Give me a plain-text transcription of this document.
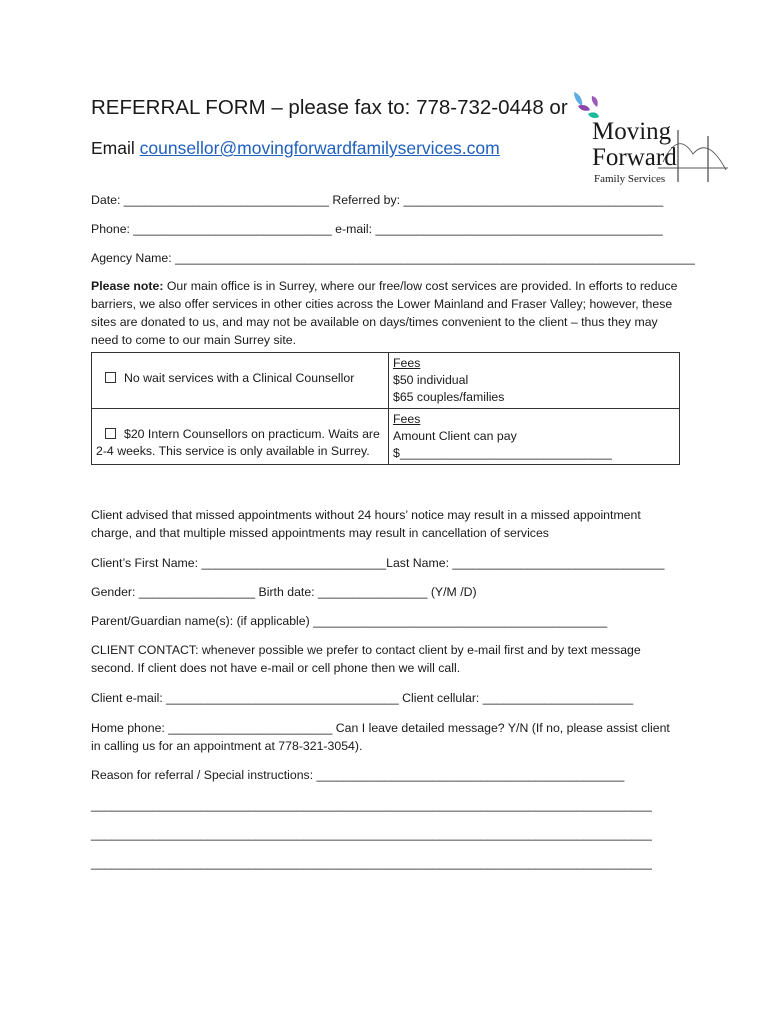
REFERRAL FORM – please fax to: 778-732-0448 or
Email counsellor@movingforwardfamilyservices.com
Moving
Forward
Family Services
Date: ______________________________ Referred by: ______________________________________
Phone: _____________________________ e-mail: __________________________________________
Agency Name: ____________________________________________________________________________
Please note: Our main office is in Surrey, where our free/low cost services are provided. In efforts to reduce barriers, we also offer services in other cities across the Lower Mainland and Fraser Valley; however, these sites are donated to us, and may not be available on days/times convenient to the client – thus they may need to come to our main Surrey site.
No wait services with a Clinical Counsellor	Fees
$50 individual
$65 couples/families

$20 Intern Counsellors on practicum. Waits are 2-4 weeks. This service is only available in Surrey.	Fees
Amount Client can pay
$_______________________________
Client advised that missed appointments without 24 hours’ notice may result in a missed appointment charge, and that multiple missed appointments may result in cancellation of services
Client’s First Name: ___________________________Last Name: _______________________________
Gender: _________________ Birth date: ________________ (Y/M /D)
Parent/Guardian name(s): (if applicable) ___________________________________________
CLIENT CONTACT: whenever possible we prefer to contact client by e-mail first and by text message second. If client does not have e-mail or cell phone then we will call.
Client e-mail: __________________________________ Client cellular: ______________________
Home phone: ________________________ Can I leave detailed message? Y/N (If no, please assist client in calling us for an appointment at 778-321-3054).
Reason for referral / Special instructions: _____________________________________________
__________________________________________________________________________________
__________________________________________________________________________________
__________________________________________________________________________________
